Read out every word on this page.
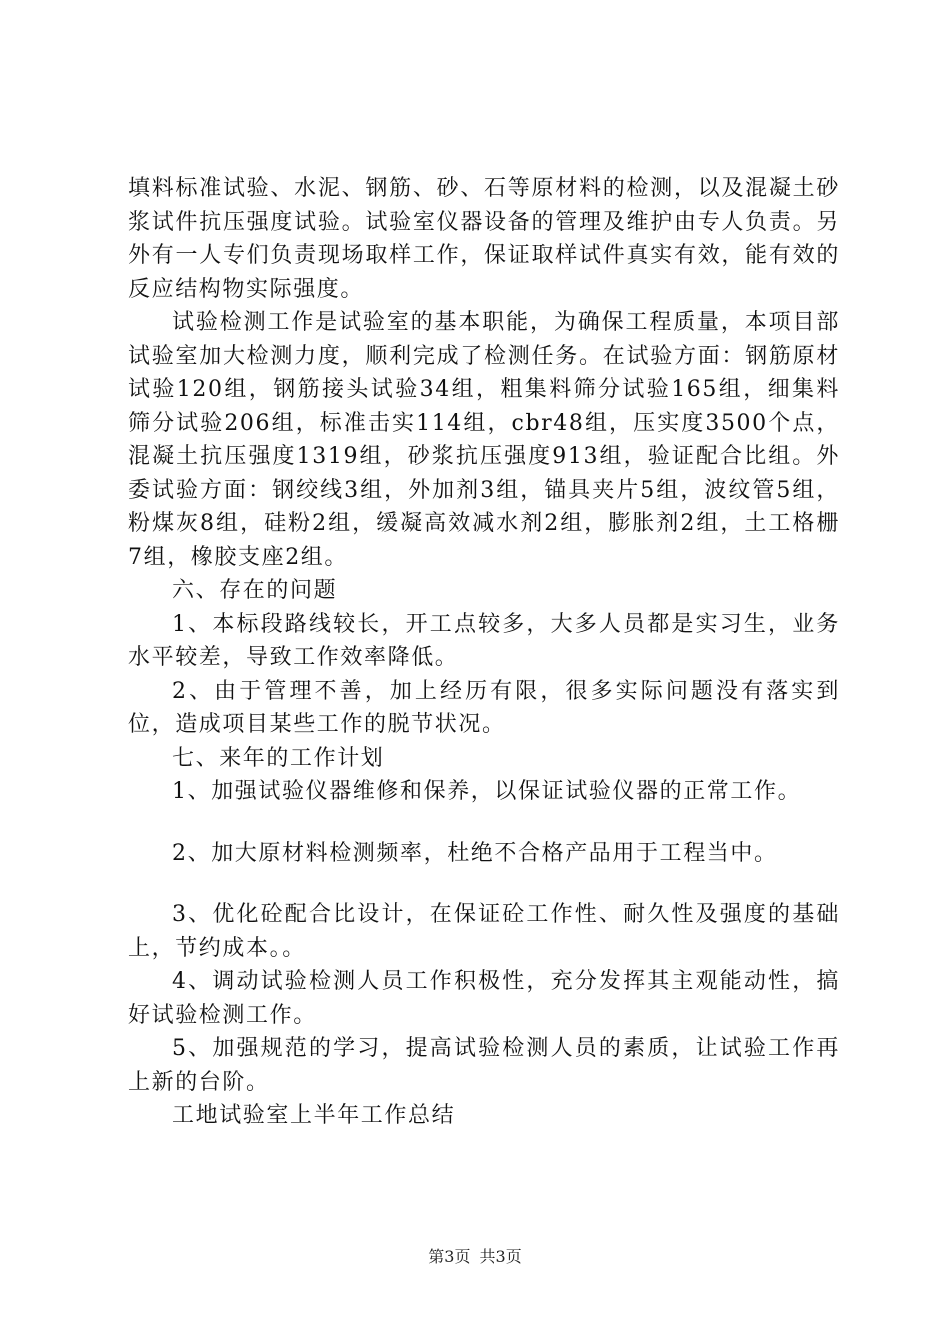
填料标准试验、水泥、钢筋、砂、石等原材料的检测，以及混凝土砂浆试件抗压强度试验。试验室仪器设备的管理及维护由专人负责。另外有一人专们负责现场取样工作，保证取样试件真实有效，能有效的反应结构物实际强度。

试验检测工作是试验室的基本职能，为确保工程质量，本项目部试验室加大检测力度，顺利完成了检测任务。在试验方面：钢筋原材试验120组，钢筋接头试验34组，粗集料筛分试验165组，细集料筛分试验206组，标准击实114组，cbr48组，压实度3500个点，混凝土抗压强度1319组，砂浆抗压强度913组，验证配合比组。外委试验方面：钢绞线3组，外加剂3组，锚具夹片5组，波纹管5组，粉煤灰8组，硅粉2组，缓凝高效减水剂2组，膨胀剂2组，土工格栅7组，橡胶支座2组。

六、存在的问题

1、本标段路线较长，开工点较多，大多人员都是实习生，业务水平较差，导致工作效率降低。

2、由于管理不善，加上经历有限，很多实际问题没有落实到位，造成项目某些工作的脱节状况。

七、来年的工作计划

1、加强试验仪器维修和保养，以保证试验仪器的正常工作。

2、加大原材料检测频率，杜绝不合格产品用于工程当中。

3、优化砼配合比设计，在保证砼工作性、耐久性及强度的基础上，节约成本。。

4、调动试验检测人员工作积极性，充分发挥其主观能动性，搞好试验检测工作。

5、加强规范的学习，提高试验检测人员的素质，让试验工作再上新的台阶。

工地试验室上半年工作总结

第3页 共3页
